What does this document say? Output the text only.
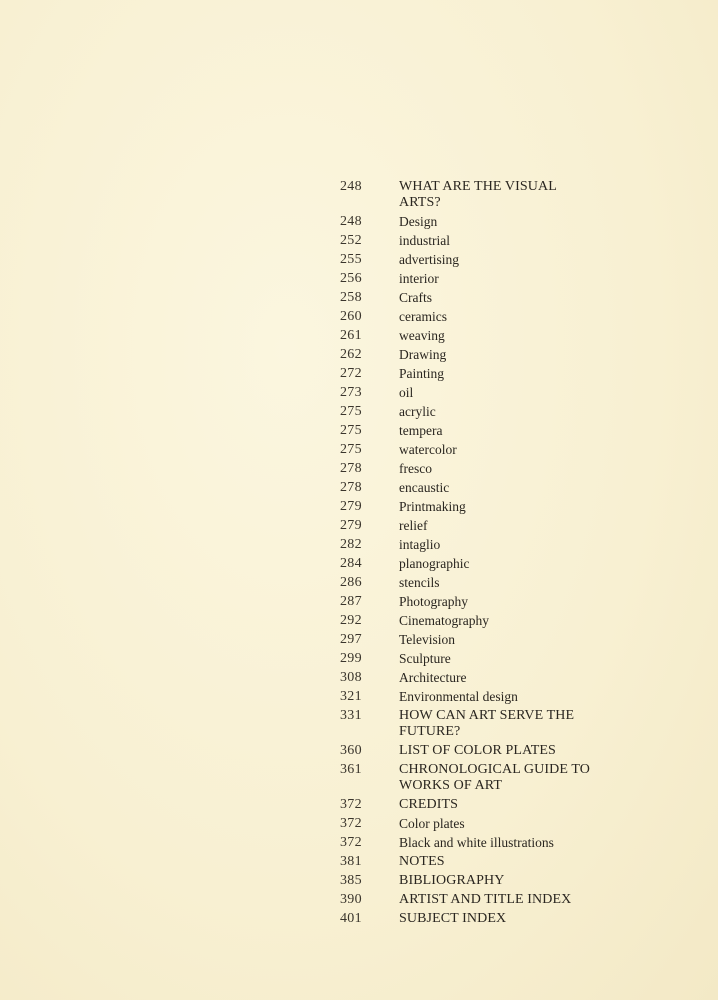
248	WHAT ARE THE VISUAL ARTS?
248	Design
252	industrial
255	advertising
256	interior
258	Crafts
260	ceramics
261	weaving
262	Drawing
272	Painting
273	oil
275	acrylic
275	tempera
275	watercolor
278	fresco
278	encaustic
279	Printmaking
279	relief
282	intaglio
284	planographic
286	stencils
287	Photography
292	Cinematography
297	Television
299	Sculpture
308	Architecture
321	Environmental design
331	HOW CAN ART SERVE THE FUTURE?
360	LIST OF COLOR PLATES
361	CHRONOLOGICAL GUIDE TO WORKS OF ART
372	CREDITS
372	Color plates
372	Black and white illustrations
381	NOTES
385	BIBLIOGRAPHY
390	ARTIST AND TITLE INDEX
401	SUBJECT INDEX
